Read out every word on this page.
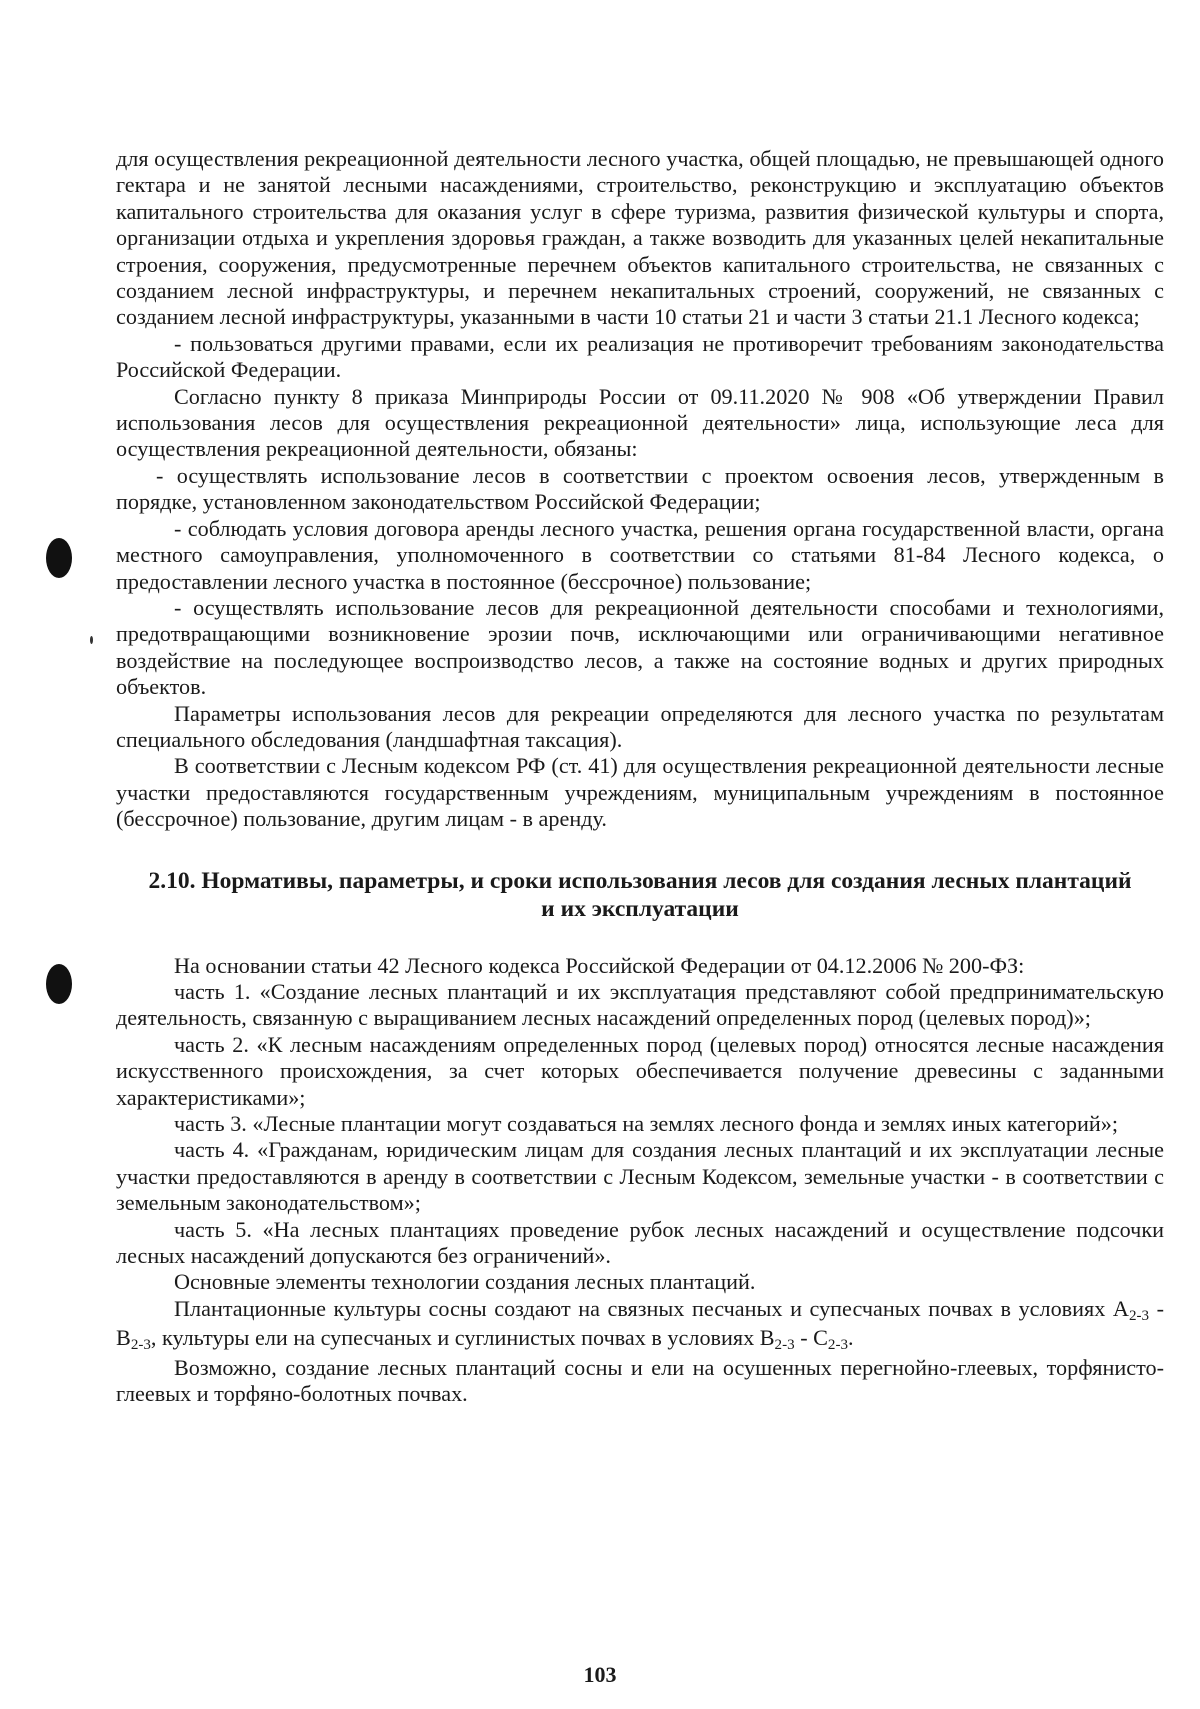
для осуществления рекреационной деятельности лесного участка, общей площадью, не превышающей одного гектара и не занятой лесными насаждениями, строительство, реконструкцию и эксплуатацию объектов капитального строительства для оказания услуг в сфере туризма, развития физической культуры и спорта, организации отдыха и укрепления здоровья граждан, а также возводить для указанных целей некапитальные строения, сооружения, предусмотренные перечнем объектов капитального строительства, не связанных с созданием лесной инфраструктуры, и перечнем некапитальных строений, сооружений, не связанных с созданием лесной инфраструктуры, указанными в части 10 статьи 21 и части 3 статьи 21.1 Лесного кодекса;

- пользоваться другими правами, если их реализация не противоречит требованиям законодательства Российской Федерации.

Согласно пункту 8 приказа Минприроды России от 09.11.2020 № 908 «Об утверждении Правил использования лесов для осуществления рекреационной деятельности» лица, использующие леса для осуществления рекреационной деятельности, обязаны:

- осуществлять использование лесов в соответствии с проектом освоения лесов, утвержденным в порядке, установленном законодательством Российской Федерации;

- соблюдать условия договора аренды лесного участка, решения органа государственной власти, органа местного самоуправления, уполномоченного в соответствии со статьями 81-84 Лесного кодекса, о предоставлении лесного участка в постоянное (бессрочное) пользование;

- осуществлять использование лесов для рекреационной деятельности способами и технологиями, предотвращающими возникновение эрозии почв, исключающими или ограничивающими негативное воздействие на последующее воспроизводство лесов, а также на состояние водных и других природных объектов.

Параметры использования лесов для рекреации определяются для лесного участка по результатам специального обследования (ландшафтная таксация).

В соответствии с Лесным кодексом РФ (ст. 41) для осуществления рекреационной деятельности лесные участки предоставляются государственным учреждениям, муниципальным учреждениям в постоянное (бессрочное) пользование, другим лицам - в аренду.

2.10. Нормативы, параметры, и сроки использования лесов для создания лесных плантаций и их эксплуатации

На основании статьи 42 Лесного кодекса Российской Федерации от 04.12.2006 № 200-ФЗ:

часть 1. «Создание лесных плантаций и их эксплуатация представляют собой предпринимательскую деятельность, связанную с выращиванием лесных насаждений определенных пород (целевых пород)»;

часть 2. «К лесным насаждениям определенных пород (целевых пород) относятся лесные насаждения искусственного происхождения, за счет которых обеспечивается получение древесины с заданными характеристиками»;

часть 3. «Лесные плантации могут создаваться на землях лесного фонда и землях иных категорий»;

часть 4. «Гражданам, юридическим лицам для создания лесных плантаций и их эксплуатации лесные участки предоставляются в аренду в соответствии с Лесным Кодексом, земельные участки - в соответствии с земельным законодательством»;

часть 5. «На лесных плантациях проведение рубок лесных насаждений и осуществление подсочки лесных насаждений допускаются без ограничений».

Основные элементы технологии создания лесных плантаций.

Плантационные культуры сосны создают на связных песчаных и супесчаных почвах в условиях А2-3 - В2-3, культуры ели на супесчаных и суглинистых почвах в условиях В2-3 - С2-3.

Возможно, создание лесных плантаций сосны и ели на осушенных перегнойно-глеевых, торфянисто-глеевых и торфяно-болотных почвах.

103
